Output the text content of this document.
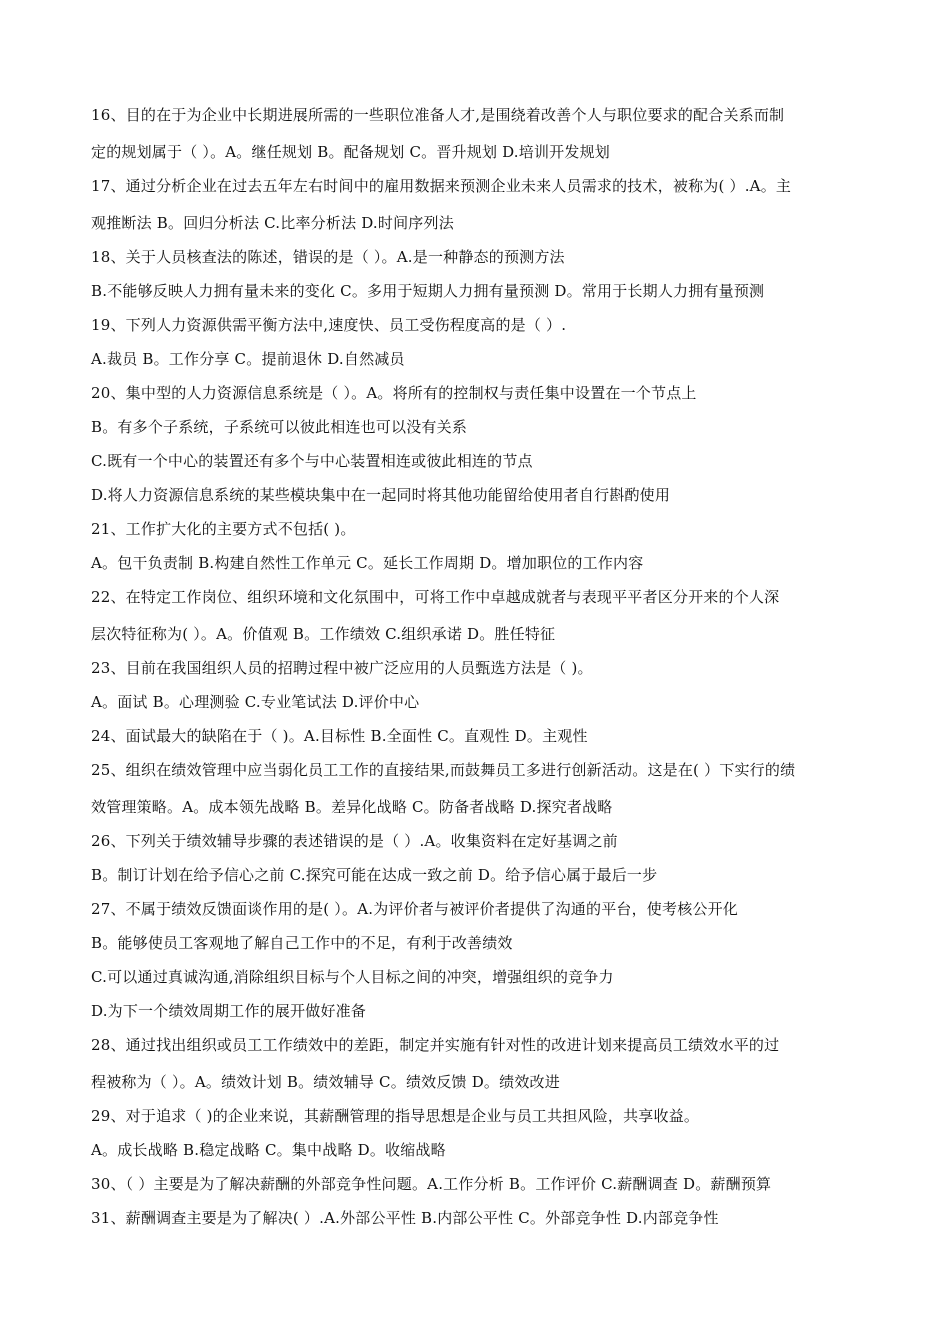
16、目的在于为企业中长期进展所需的一些职位准备人才,是围绕着改善个人与职位要求的配合关系而制
定的规划属于（ ）。A。继任规划 B。配备规划 C。晋升规划 D.培训开发规划
17、通过分析企业在过去五年左右时间中的雇用数据来预测企业未来人员需求的技术，被称为( ）.A。主
观推断法 B。回归分析法 C.比率分析法 D.时间序列法
18、关于人员核查法的陈述，错误的是（ ）。A.是一种静态的预测方法
B.不能够反映人力拥有量未来的变化 C。多用于短期人力拥有量预测 D。常用于长期人力拥有量预测
19、下列人力资源供需平衡方法中,速度快、员工受伤程度高的是（ ）.
A.裁员 B。工作分享 C。提前退休 D.自然减员
20、集中型的人力资源信息系统是（ ）。A。将所有的控制权与责任集中设置在一个节点上
B。有多个子系统，子系统可以彼此相连也可以没有关系
C.既有一个中心的装置还有多个与中心装置相连或彼此相连的节点
D.将人力资源信息系统的某些模块集中在一起同时将其他功能留给使用者自行斟酌使用
21、工作扩大化的主要方式不包括( )。
A。包干负责制 B.构建自然性工作单元 C。延长工作周期 D。增加职位的工作内容
22、在特定工作岗位、组织环境和文化氛围中，可将工作中卓越成就者与表现平平者区分开来的个人深
层次特征称为( ）。A。价值观 B。工作绩效 C.组织承诺 D。胜任特征
23、目前在我国组织人员的招聘过程中被广泛应用的人员甄选方法是（ )。
A。面试 B。心理测验 C.专业笔试法 D.评价中心
24、面试最大的缺陷在于（ )。A.目标性 B.全面性 C。直观性 D。主观性
25、组织在绩效管理中应当弱化员工工作的直接结果,而鼓舞员工多进行创新活动。这是在( ）下实行的绩
效管理策略。A。成本领先战略 B。差异化战略 C。防备者战略 D.探究者战略
26、下列关于绩效辅导步骤的表述错误的是（ ）.A。收集资料在定好基调之前
B。制订计划在给予信心之前 C.探究可能在达成一致之前 D。给予信心属于最后一步
27、不属于绩效反馈面谈作用的是( ）。A.为评价者与被评价者提供了沟通的平台，使考核公开化
B。能够使员工客观地了解自己工作中的不足，有利于改善绩效
C.可以通过真诚沟通,消除组织目标与个人目标之间的冲突，增强组织的竞争力
D.为下一个绩效周期工作的展开做好准备
28、通过找出组织或员工工作绩效中的差距，制定并实施有针对性的改进计划来提高员工绩效水平的过
程被称为（ ）。A。绩效计划 B。绩效辅导 C。绩效反馈 D。绩效改进
29、对于追求（ )的企业来说，其薪酬管理的指导思想是企业与员工共担风险，共享收益。
A。成长战略 B.稳定战略 C。集中战略 D。收缩战略
30、（ ）主要是为了解决薪酬的外部竞争性问题。A.工作分析 B。工作评价 C.薪酬调查 D。薪酬预算
31、薪酬调查主要是为了解决( ）.A.外部公平性 B.内部公平性 C。外部竞争性 D.内部竞争性
